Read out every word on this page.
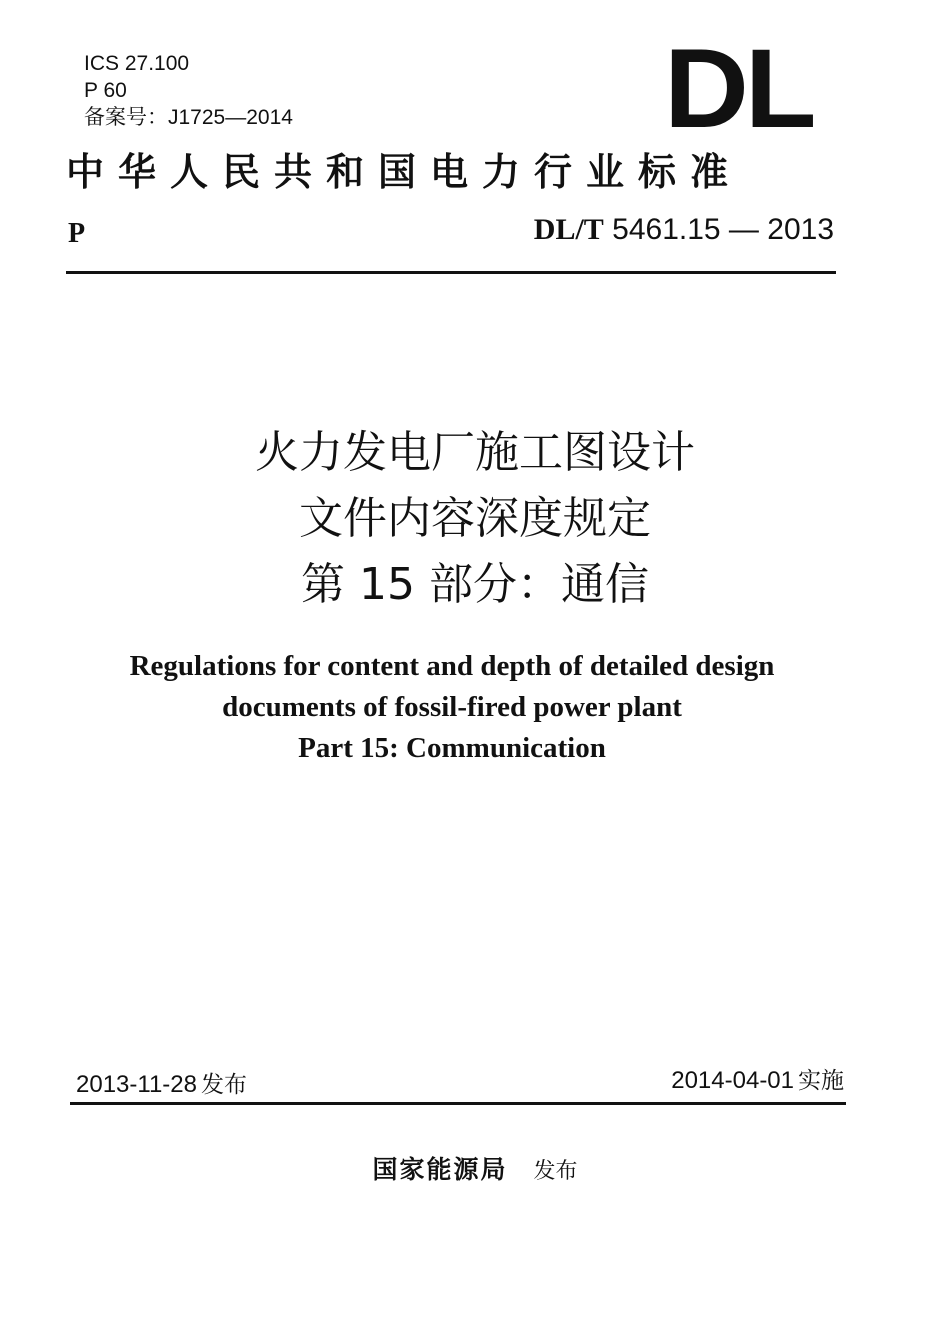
ICS 27.100
P 60
备案号：J1725—2014	DL
中华人民共和国电力行业标准
P	DL/T 5461.15 — 2013
火力发电厂施工图设计
文件内容深度规定
第 15 部分：通信
Regulations for content and depth of detailed design
documents of fossil-fired power plant
Part 15: Communication
2013-11-28 发布	2014-04-01 实施
国家能源局 发布
